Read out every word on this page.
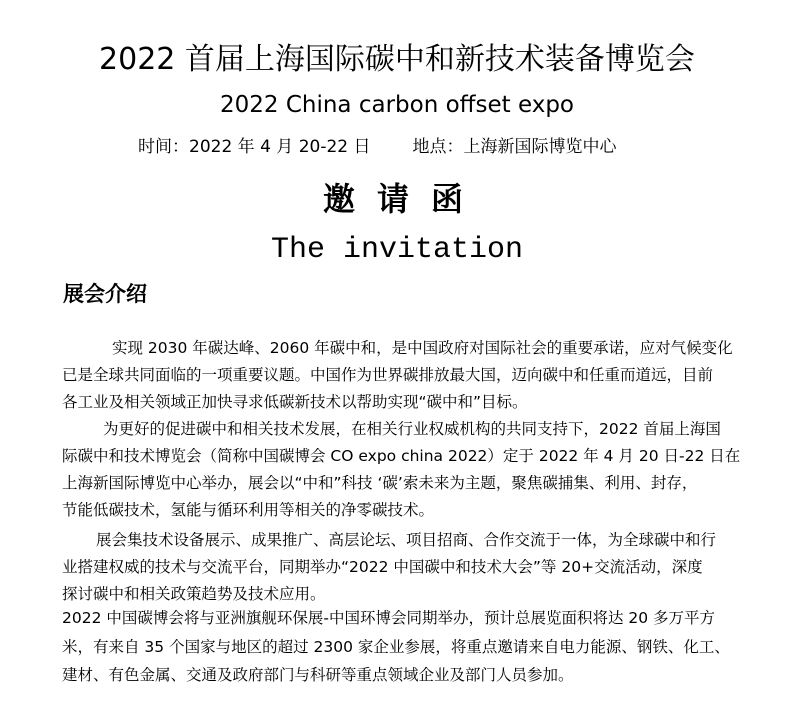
2022 首届上海国际碳中和新技术装备博览会
2022 China carbon offset expo
时间：2022 年 4 月 20-22 日 地点：上海新国际博览中心
邀请函
The invitation
展会介绍
实现 2030 年碳达峰、2060 年碳中和，是中国政府对国际社会的重要承诺，应对气候变化
已是全球共同面临的一项重要议题。中国作为世界碳排放最大国，迈向碳中和任重而道远，目前
各工业及相关领域正加快寻求低碳新技术以帮助实现“碳中和”目标。
为更好的促进碳中和相关技术发展，在相关行业权威机构的共同支持下，2022 首届上海国
际碳中和技术博览会（简称中国碳博会 CO expo china 2022）定于 2022 年 4 月 20 日-22 日在
上海新国际博览中心举办，展会以“中和”科技 ‘碳’索未来为主题，聚焦碳捕集、利用、封存，
节能低碳技术，氢能与循环利用等相关的净零碳技术。
展会集技术设备展示、成果推广、高层论坛、项目招商、合作交流于一体，为全球碳中和行
业搭建权威的技术与交流平台，同期举办“2022 中国碳中和技术大会”等 20+交流活动，深度
探讨碳中和相关政策趋势及技术应用。
2022 中国碳博会将与亚洲旗舰环保展-中国环博会同期举办，预计总展览面积将达 20 多万平方
米，有来自 35 个国家与地区的超过 2300 家企业参展，将重点邀请来自电力能源、钢铁、化工、
建材、有色金属、交通及政府部门与科研等重点领域企业及部门人员参加。
